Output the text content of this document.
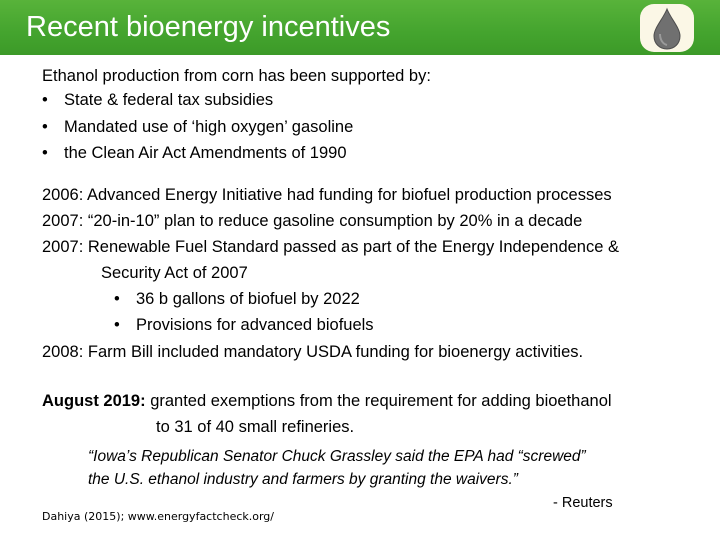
Recent bioenergy incentives
Ethanol production from corn has been supported by:
• State & federal tax subsidies
• Mandated use of ‘high oxygen’ gasoline
• the Clean Air Act Amendments of 1990
2006: Advanced Energy Initiative had funding for biofuel production processes
2007: “20-in-10” plan to reduce gasoline consumption by 20% in a decade
2007: Renewable Fuel Standard passed as part of the Energy Independence &
Security Act of 2007
• 36 b gallons of biofuel by 2022
• Provisions for advanced biofuels
2008: Farm Bill included mandatory USDA funding for bioenergy activities.
August 2019: granted exemptions from the requirement for adding bioethanol
to 31 of 40 small refineries.
“Iowa’s Republican Senator Chuck Grassley said the EPA had “screwed”
the U.S. ethanol industry and farmers by granting the waivers.”
- Reuters
Dahiya (2015); www.energyfactcheck.org/
